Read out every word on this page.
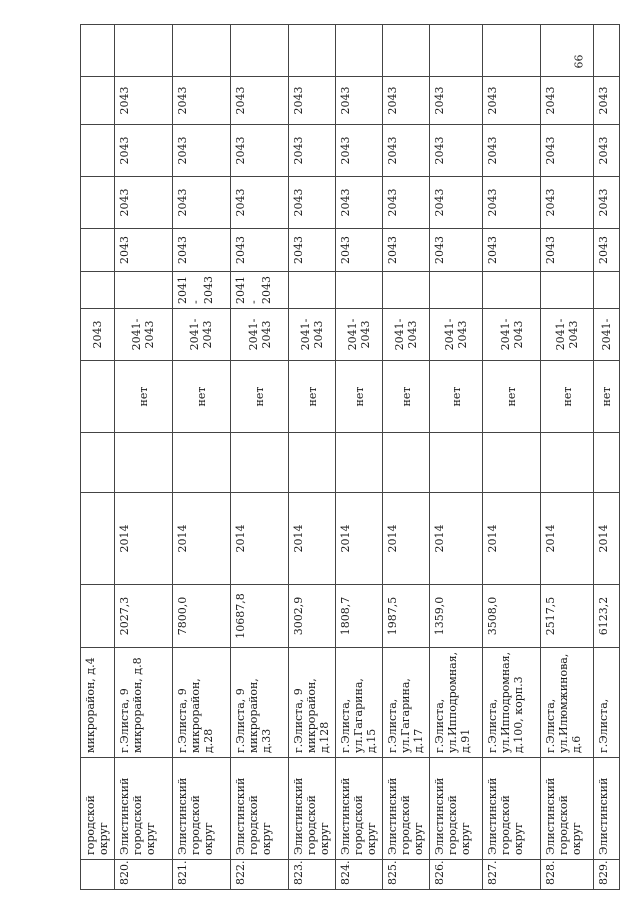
99
	городской округ	микрорайон, д.4					2043						
820.	Элистинский городской округ	г.Элиста, 9 микрорайон, д.8	2027,3	2014		нет	2041-2043		2043	2043	2043	2043	
821.	Элистинский городской округ	г.Элиста, 9 микрорайон, д.28	7800,0	2014		нет	2041-2043	2041 - 2043	2043	2043	2043	2043	
822.	Элистинский городской округ	г.Элиста, 9 микрорайон, д.33	10687,8	2014		нет	2041-2043	2041 - 2043	2043	2043	2043	2043	
823.	Элистинский городской округ	г.Элиста, 9 микрорайон, д.128	3002,9	2014		нет	2041-2043		2043	2043	2043	2043	
824.	Элистинский городской округ	г.Элиста, ул.Гагарина, д.15	1808,7	2014		нет	2041-2043		2043	2043	2043	2043	
825.	Элистинский городской округ	г.Элиста, ул.Гагарина, д.17	1987,5	2014		нет	2041-2043		2043	2043	2043	2043	
826.	Элистинский городской округ	г.Элиста, ул.Ипподромная, д.91	1359,0	2014		нет	2041-2043		2043	2043	2043	2043	
827.	Элистинский городской округ	г.Элиста, ул.Ипподромная, д.100, корп.3	3508,0	2014		нет	2041-2043		2043	2043	2043	2043	
828.	Элистинский городской округ	г.Элиста, ул.Илюмжинова, д.6	2517,5	2014		нет	2041-2043		2043	2043	2043	2043	
829.	Элистинский	г.Элиста,	6123,2	2014		нет	2041-		2043	2043	2043	2043	
